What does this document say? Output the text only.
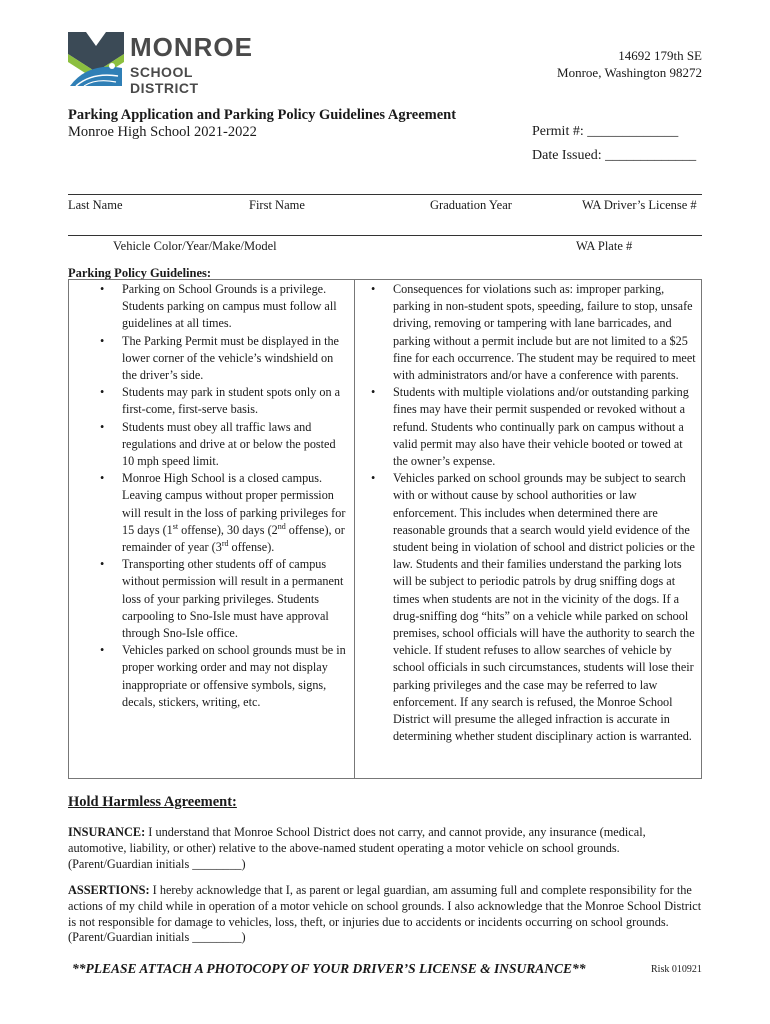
MONROE
SCHOOL DISTRICT
14692 179th SE
Monroe, Washington 98272
Parking Application and Parking Policy Guidelines Agreement
Monroe High School 2021-2022	Permit #: _____________
Date Issued: _____________
Last Name	First Name	Graduation Year	WA Driver’s License #
Vehicle Color/Year/Make/Model	WA Plate #
Parking Policy Guidelines:
•	Parking on School Grounds is a privilege. Students parking on campus must follow all guidelines at all times.
•	The Parking Permit must be displayed in the lower corner of the vehicle’s windshield on the driver’s side.
•	Students may park in student spots only on a first-come, first-serve basis.
•	Students must obey all traffic laws and regulations and drive at or below the posted 10 mph speed limit.
•	Monroe High School is a closed campus. Leaving campus without proper permission will result in the loss of parking privileges for 15 days (1st offense), 30 days (2nd offense), or remainder of year (3rd offense).
•	Transporting other students off of campus without permission will result in a permanent loss of your parking privileges. Students carpooling to Sno-Isle must have approval through Sno-Isle office.
•	Vehicles parked on school grounds must be in proper working order and may not display inappropriate or offensive symbols, signs, decals, stickers, writing, etc.
•	Consequences for violations such as: improper parking, parking in non-student spots, speeding, failure to stop, unsafe driving, removing or tampering with lane barricades, and parking without a permit include but are not limited to a $25 fine for each occurrence. The student may be required to meet with administrators and/or have a conference with parents.
•	Students with multiple violations and/or outstanding parking fines may have their permit suspended or revoked without a refund. Students who continually park on campus without a valid permit may also have their vehicle booted or towed at the owner’s expense.
•	Vehicles parked on school grounds may be subject to search with or without cause by school authorities or law enforcement. This includes when determined there are reasonable grounds that a search would yield evidence of the student being in violation of school and district policies or the law. Students and their families understand the parking lots will be subject to periodic patrols by drug sniffing dogs at times when students are not in the vicinity of the dogs. If a drug-sniffing dog “hits” on a vehicle while parked on school premises, school officials will have the authority to search the vehicle. If student refuses to allow searches of vehicle by school officials in such circumstances, students will lose their parking privileges and the case may be referred to law enforcement. If any search is refused, the Monroe School District will presume the alleged infraction is accurate in determining whether student disciplinary action is warranted.
Hold Harmless Agreement:
INSURANCE: I understand that Monroe School District does not carry, and cannot provide, any insurance (medical, automotive, liability, or other) relative to the above-named student operating a motor vehicle on school grounds. (Parent/Guardian initials ________)
ASSERTIONS: I hereby acknowledge that I, as parent or legal guardian, am assuming full and complete responsibility for the actions of my child while in operation of a motor vehicle on school grounds. I also acknowledge that the Monroe School District is not responsible for damage to vehicles, loss, theft, or injuries due to accidents or incidents occurring on school grounds. (Parent/Guardian initials ________)
**PLEASE ATTACH A PHOTOCOPY OF YOUR DRIVER’S LICENSE & INSURANCE**	Risk 010921
